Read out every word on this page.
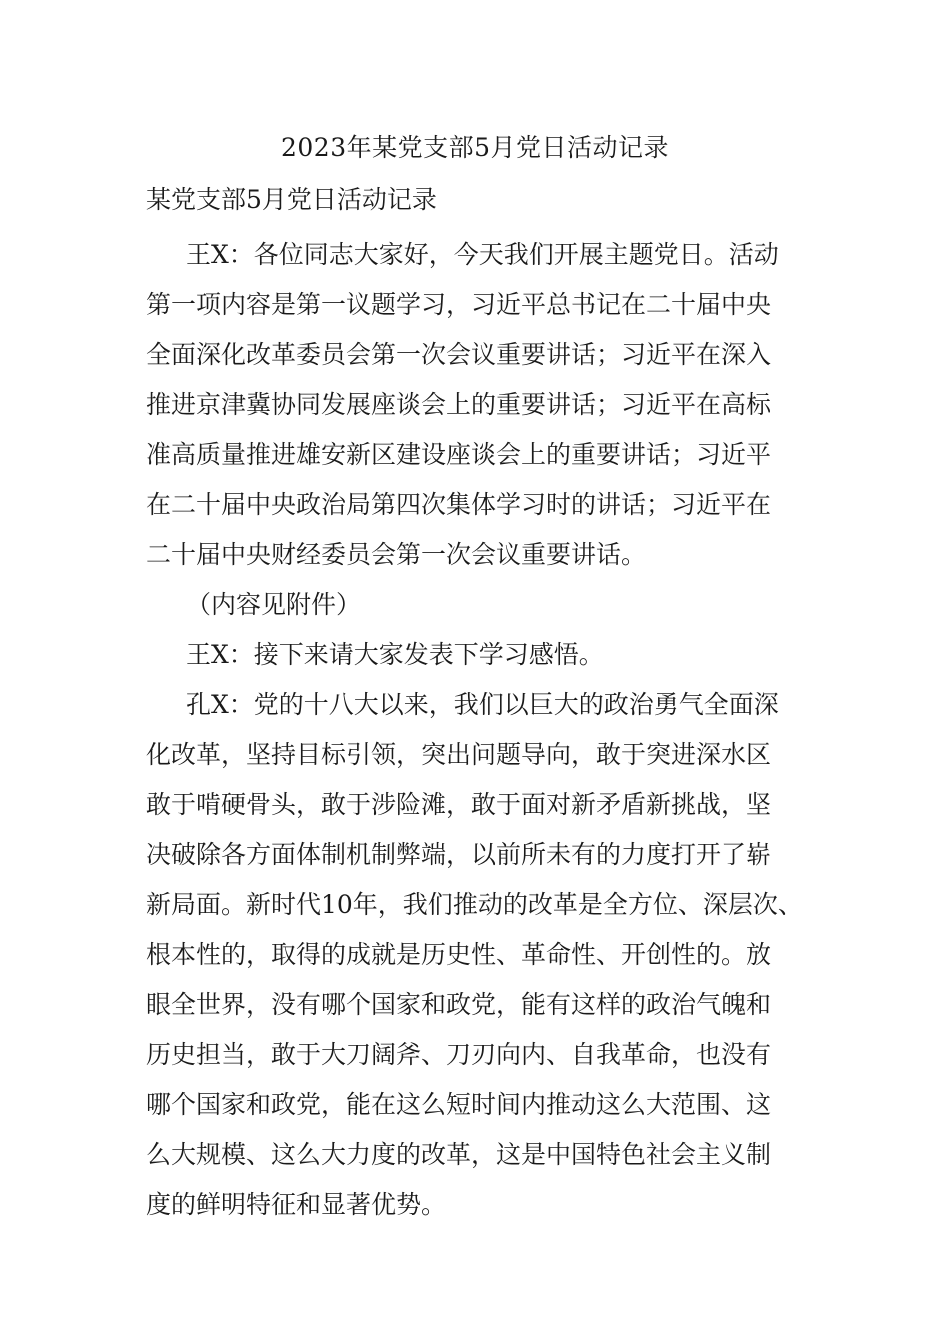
2023年某党支部5月党日活动记录

某党支部5月党日活动记录

王X：各位同志大家好，今天我们开展主题党日。活动
第一项内容是第一议题学习，习近平总书记在二十届中央
全面深化改革委员会第一次会议重要讲话；习近平在深入
推进京津冀协同发展座谈会上的重要讲话；习近平在高标
准高质量推进雄安新区建设座谈会上的重要讲话；习近平
在二十届中央政治局第四次集体学习时的讲话；习近平在
二十届中央财经委员会第一次会议重要讲话。

（内容见附件）

王X：接下来请大家发表下学习感悟。

孔X：党的十八大以来，我们以巨大的政治勇气全面深
化改革，坚持目标引领，突出问题导向，敢于突进深水区
敢于啃硬骨头，敢于涉险滩，敢于面对新矛盾新挑战，坚
决破除各方面体制机制弊端，以前所未有的力度打开了崭
新局面。新时代10年，我们推动的改革是全方位、深层次、
根本性的，取得的成就是历史性、革命性、开创性的。放
眼全世界，没有哪个国家和政党，能有这样的政治气魄和
历史担当，敢于大刀阔斧、刀刃向内、自我革命，也没有
哪个国家和政党，能在这么短时间内推动这么大范围、这
么大规模、这么大力度的改革，这是中国特色社会主义制
度的鲜明特征和显著优势。
